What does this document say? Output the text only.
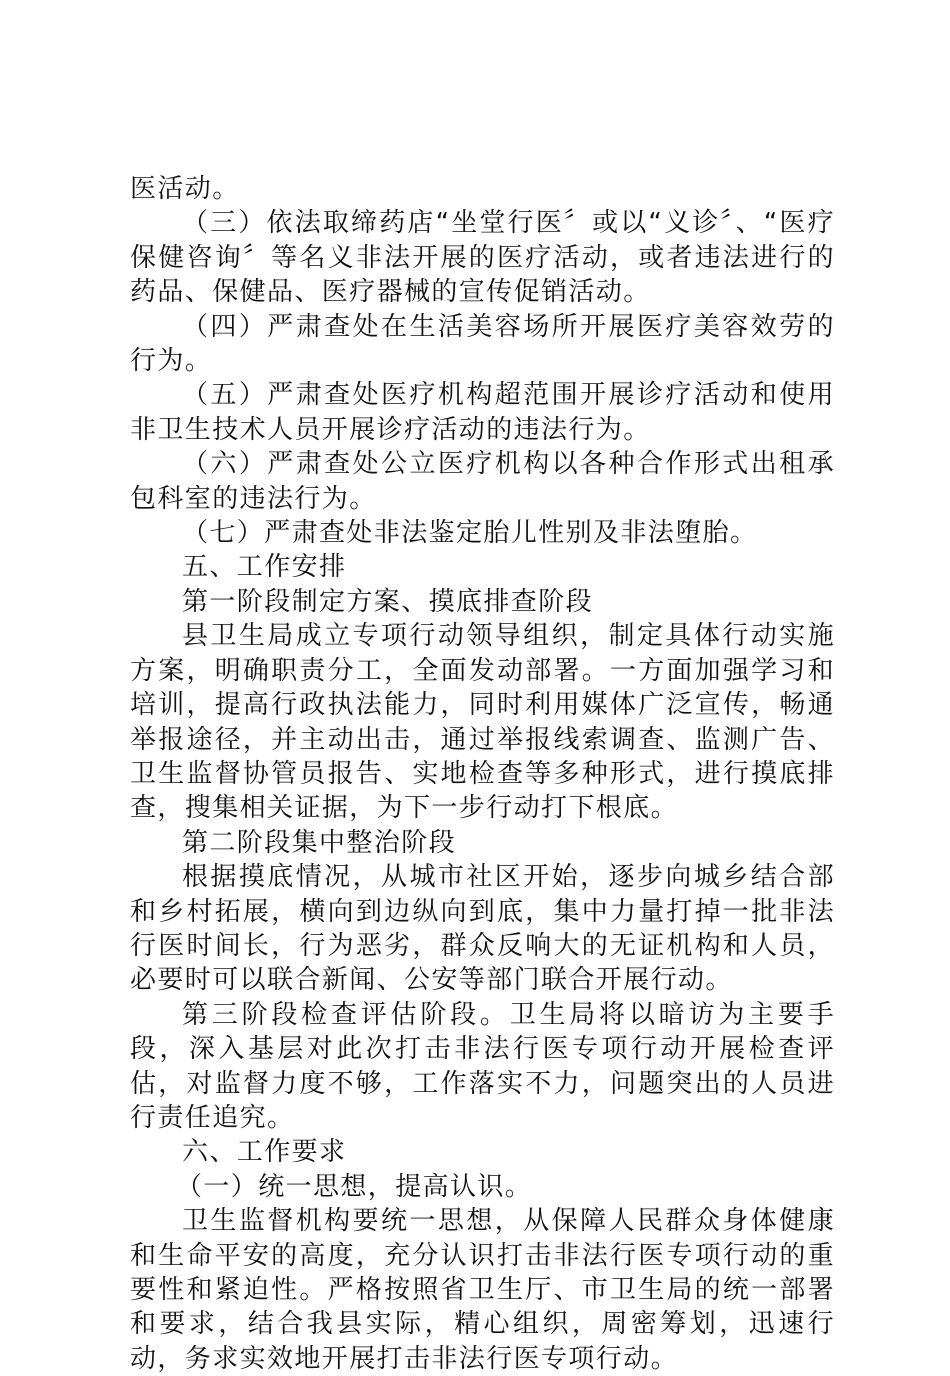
医活动。

（三）依法取缔药店“坐堂行医〞或以“义诊〞、“医疗保健咨询〞等名义非法开展的医疗活动，或者违法进行的药品、保健品、医疗器械的宣传促销活动。

（四）严肃查处在生活美容场所开展医疗美容效劳的行为。

（五）严肃查处医疗机构超范围开展诊疗活动和使用非卫生技术人员开展诊疗活动的违法行为。

（六）严肃查处公立医疗机构以各种合作形式出租承包科室的违法行为。

（七）严肃查处非法鉴定胎儿性别及非法堕胎。

五、工作安排

第一阶段制定方案、摸底排查阶段

县卫生局成立专项行动领导组织，制定具体行动实施方案，明确职责分工，全面发动部署。一方面加强学习和培训，提高行政执法能力，同时利用媒体广泛宣传，畅通举报途径，并主动出击，通过举报线索调查、监测广告、卫生监督协管员报告、实地检查等多种形式，进行摸底排查，搜集相关证据，为下一步行动打下根底。

第二阶段集中整治阶段

根据摸底情况，从城市社区开始，逐步向城乡结合部和乡村拓展，横向到边纵向到底，集中力量打掉一批非法行医时间长，行为恶劣，群众反响大的无证机构和人员，必要时可以联合新闻、公安等部门联合开展行动。

第三阶段检查评估阶段。卫生局将以暗访为主要手段，深入基层对此次打击非法行医专项行动开展检查评估，对监督力度不够，工作落实不力，问题突出的人员进行责任追究。

六、工作要求

（一）统一思想，提高认识。

卫生监督机构要统一思想，从保障人民群众身体健康和生命平安的高度，充分认识打击非法行医专项行动的重要性和紧迫性。严格按照省卫生厅、市卫生局的统一部署和要求，结合我县实际，精心组织，周密筹划，迅速行动，务求实效地开展打击非法行医专项行动。
